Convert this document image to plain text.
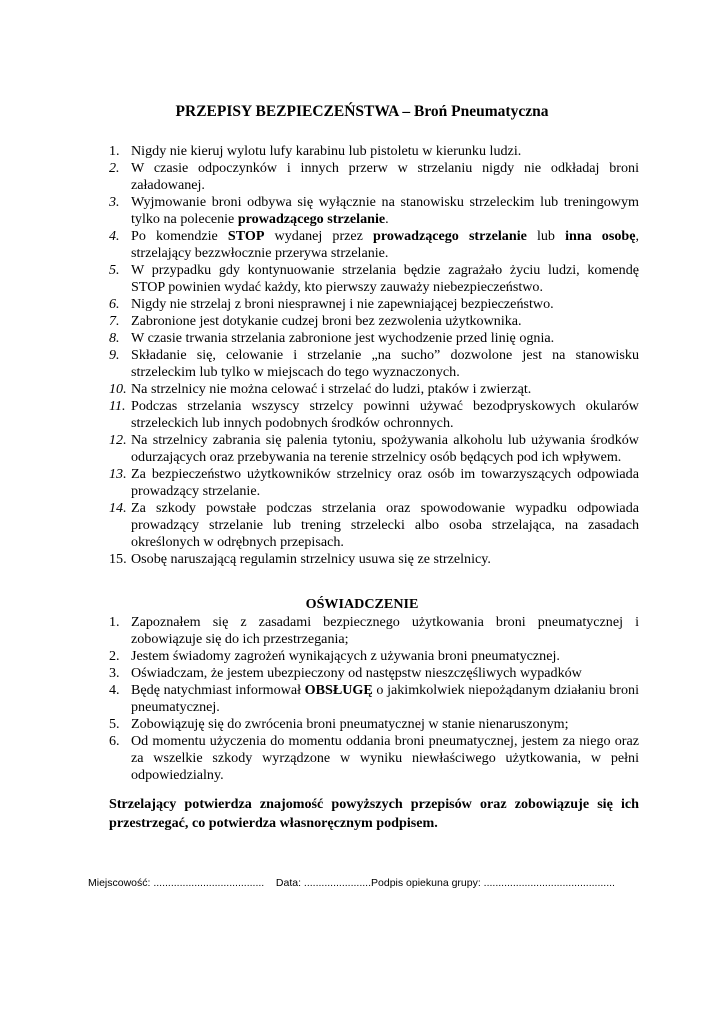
PRZEPISY BEZPIECZEŃSTWA – Broń Pneumatyczna
1. Nigdy nie kieruj wylotu lufy karabinu lub pistoletu w kierunku ludzi.
2. W czasie odpoczynków i innych przerw w strzelaniu nigdy nie odkładaj broni załadowanej.
3. Wyjmowanie broni odbywa się wyłącznie na stanowisku strzeleckim lub treningowym tylko na polecenie prowadzącego strzelanie.
4. Po komendzie STOP wydanej przez prowadzącego strzelanie lub inna osobę, strzelający bezzwłocznie przerywa strzelanie.
5. W przypadku gdy kontynuowanie strzelania będzie zagrażało życiu ludzi, komendę STOP powinien wydać każdy, kto pierwszy zauważy niebezpieczeństwo.
6. Nigdy nie strzelaj z broni niesprawnej i nie zapewniającej bezpieczeństwo.
7. Zabronione jest dotykanie cudzej broni bez zezwolenia użytkownika.
8. W czasie trwania strzelania zabronione jest wychodzenie przed linię ognia.
9. Składanie się, celowanie i strzelanie „na sucho” dozwolone jest na stanowisku strzeleckim lub tylko w miejscach do tego wyznaczonych.
10. Na strzelnicy nie można celować i strzelać do ludzi, ptaków i zwierząt.
11. Podczas strzelania wszyscy strzelcy powinni używać bezodpryskowych okularów strzeleckich lub innych podobnych środków ochronnych.
12. Na strzelnicy zabrania się palenia tytoniu, spożywania alkoholu lub używania środków odurzających oraz przebywania na terenie strzelnicy osób będących pod ich wpływem.
13. Za bezpieczeństwo użytkowników strzelnicy oraz osób im towarzyszących odpowiada prowadzący strzelanie.
14. Za szkody powstałe podczas strzelania oraz spowodowanie wypadku odpowiada prowadzący strzelanie lub trening strzelecki albo osoba strzelająca, na zasadach określonych w odrębnych przepisach.
15. Osobę naruszającą regulamin strzelnicy usuwa się ze strzelnicy.
OŚWIADCZENIE
1. Zapoznałem się z zasadami bezpiecznego użytkowania broni pneumatycznej i zobowiązuje się do ich przestrzegania;
2. Jestem świadomy zagrożeń wynikających z używania broni pneumatycznej.
3. Oświadczam, że jestem ubezpieczony od następstw nieszczęśliwych wypadków
4. Będę natychmiast informował OBSŁUGĘ o jakimkolwiek niepożądanym działaniu broni pneumatycznej.
5. Zobowiązuję się do zwrócenia broni pneumatycznej w stanie nienaruszonym;
6. Od momentu użyczenia do momentu oddania broni pneumatycznej, jestem za niego oraz za wszelkie szkody wyrządzone w wyniku niewłaściwego użytkowania, w pełni odpowiedzialny.
Strzelający potwierdza znajomość powyższych przepisów oraz zobowiązuje się ich przestrzegać, co potwierdza własnoręcznym podpisem.
Miejscowość: ...................................... Data: .......................Podpis opiekuna grupy: .............................................
